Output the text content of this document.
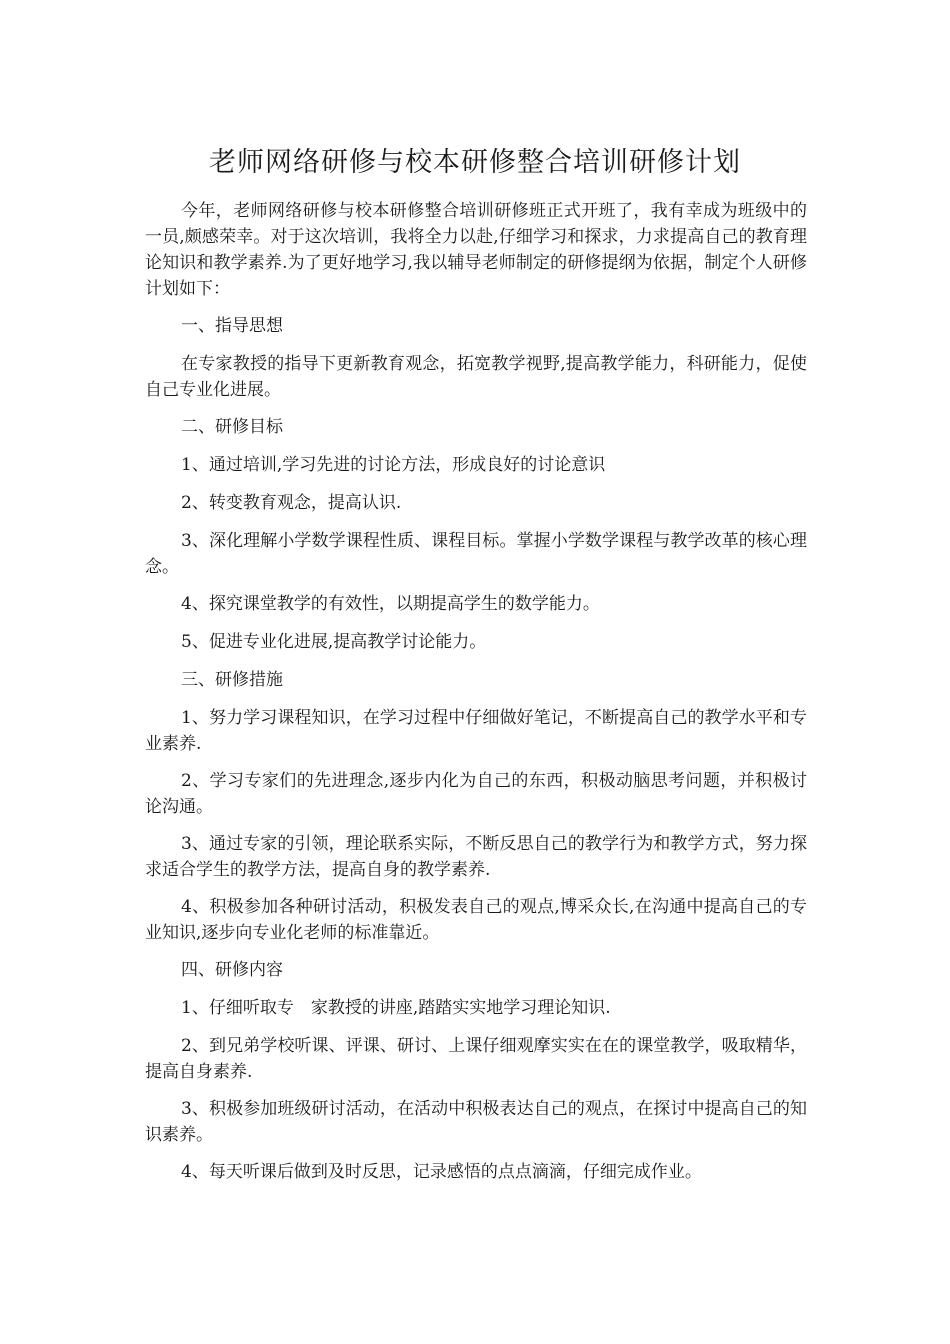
老师网络研修与校本研修整合培训研修计划

今年，老师网络研修与校本研修整合培训研修班正式开班了，我有幸成为班级中的一员,颇感荣幸。对于这次培训，我将全力以赴,仔细学习和探求，力求提高自己的教育理论知识和教学素养.为了更好地学习,我以辅导老师制定的研修提纲为依据，制定个人研修计划如下：

一、指导思想

在专家教授的指导下更新教育观念，拓宽教学视野,提高教学能力，科研能力，促使自己专业化进展。

二、研修目标

1、通过培训,学习先进的讨论方法，形成良好的讨论意识

2、转变教育观念，提高认识.

3、深化理解小学数学课程性质、课程目标。掌握小学数学课程与教学改革的核心理念。

4、探究课堂教学的有效性，以期提高学生的数学能力。

5、促进专业化进展,提高教学讨论能力。

三、研修措施

1、努力学习课程知识，在学习过程中仔细做好笔记，不断提高自己的教学水平和专业素养.

2、学习专家们的先进理念,逐步内化为自己的东西，积极动脑思考问题，并积极讨论沟通。

3、通过专家的引领，理论联系实际，不断反思自己的教学行为和教学方式，努力探求适合学生的教学方法，提高自身的教学素养.

4、积极参加各种研讨活动，积极发表自己的观点,博采众长,在沟通中提高自己的专业知识,逐步向专业化老师的标准靠近。

四、研修内容

1、仔细听取专　家教授的讲座,踏踏实实地学习理论知识.

2、到兄弟学校听课、评课、研讨、上课仔细观摩实实在在的课堂教学，吸取精华，提高自身素养.

3、积极参加班级研讨活动，在活动中积极表达自己的观点，在探讨中提高自己的知识素养。

4、每天听课后做到及时反思，记录感悟的点点滴滴，仔细完成作业。
